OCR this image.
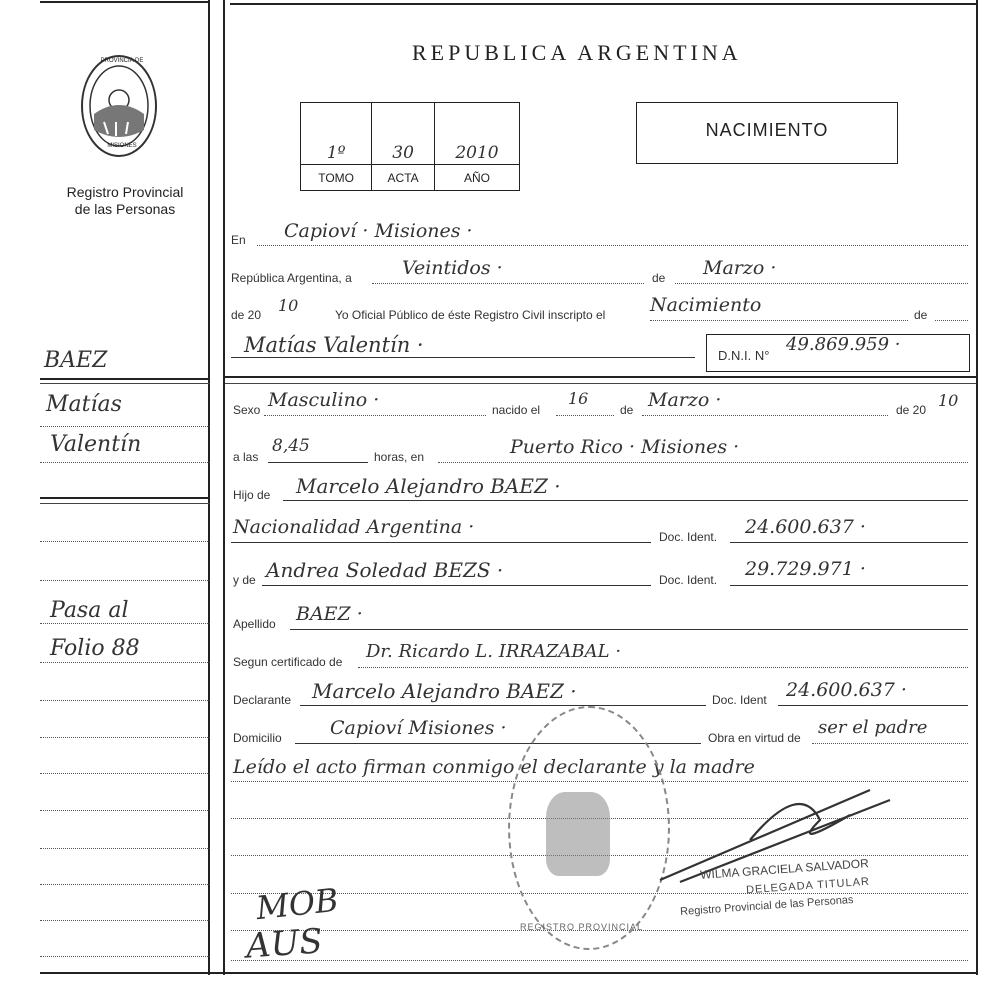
PROVINCIA DE
MISIONES
Registro Provincial
de las Personas
BAEZ
Matías
Valentín
Pasa al
Folio 88
REPUBLICA ARGENTINA
1º	30	2010
TOMO	ACTA	AÑO
NACIMIENTO
En Capioví · Misiones ·
República Argentina, a	Veintidos ·	de Marzo ·
de 20 10	Yo Oficial Público de éste Registro Civil inscripto el Nacimiento	de
Matías Valentín ·	D.N.I. N°
49.869.959 ·
Sexo Masculino ·	nacido el
16
de Marzo ·	de 20 10
a las
8,45
horas, en	Puerto Rico · Misiones ·
Hijo de Marcelo Alejandro BAEZ ·
Nacionalidad Argentina ·	Doc. Ident. 24.600.637 ·
y de Andrea Soledad BEZS ·	Doc. Ident. 29.729.971 ·
Apellido BAEZ ·
Segun certificado de Dr. Ricardo L. IRRAZABAL ·
Declarante Marcelo Alejandro BAEZ ·	Doc. Ident 24.600.637 ·
Domicilio	Capioví Misiones ·	Obra en virtud de ser el padre
Leído el acto firman conmigo el declarante y la madre
REGISTRO PROVINCIAL
WILMA GRACIELA SALVADOR
DELEGADA TITULAR
Registro Provincial de las Personas
MOB
AUS
